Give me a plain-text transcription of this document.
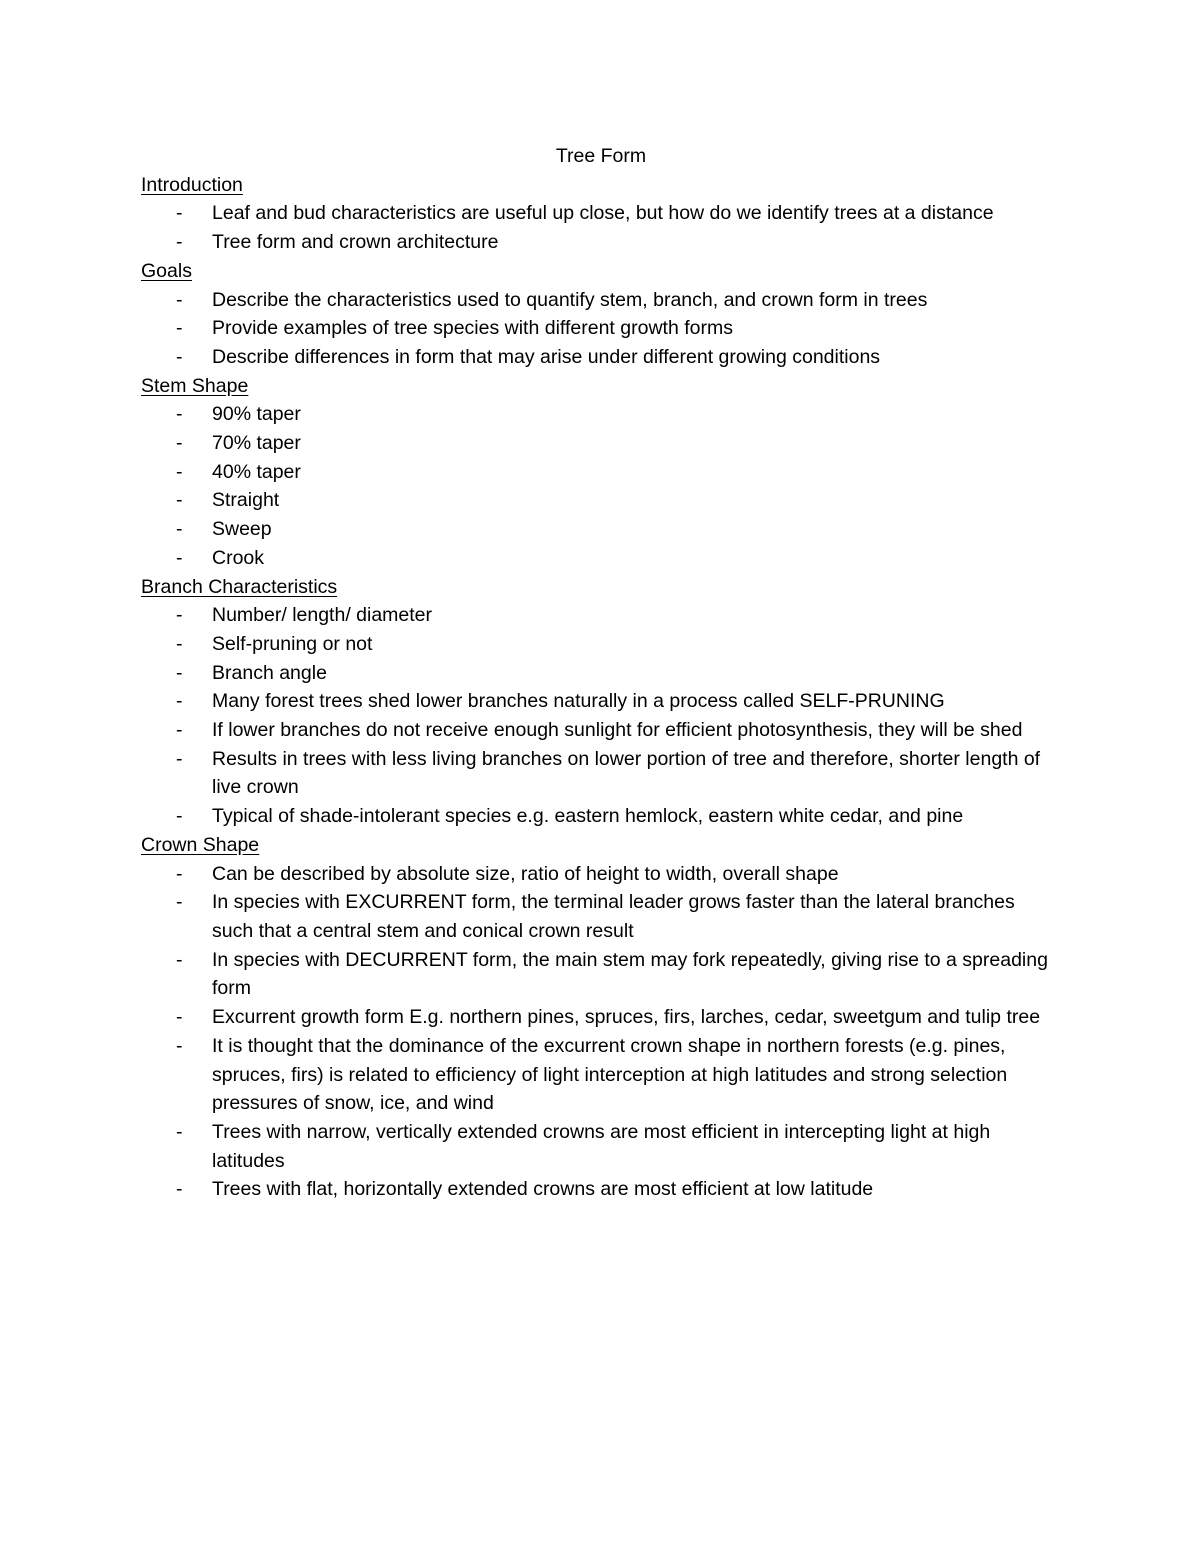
Tree Form
Introduction
- Leaf and bud characteristics are useful up close, but how do we identify trees at a distance
- Tree form and crown architecture
Goals
- Describe the characteristics used to quantify stem, branch, and crown form in trees
- Provide examples of tree species with different growth forms
- Describe differences in form that may arise under different growing conditions
Stem Shape
- 90% taper
- 70% taper
- 40% taper
- Straight
- Sweep
- Crook
Branch Characteristics
- Number/ length/ diameter
- Self-pruning or not
- Branch angle
- Many forest trees shed lower branches naturally in a process called SELF-PRUNING
- If lower branches do not receive enough sunlight for efficient photosynthesis, they will be shed
- Results in trees with less living branches on lower portion of tree and therefore, shorter length of live crown
- Typical of shade-intolerant species e.g. eastern hemlock, eastern white cedar, and pine
Crown Shape
- Can be described by absolute size, ratio of height to width, overall shape
- In species with EXCURRENT form, the terminal leader grows faster than the lateral branches such that a central stem and conical crown result
- In species with DECURRENT form, the main stem may fork repeatedly, giving rise to a spreading form
- Excurrent growth form E.g. northern pines, spruces, firs, larches, cedar, sweetgum and tulip tree
- It is thought that the dominance of the excurrent crown shape in northern forests (e.g. pines, spruces, firs) is related to efficiency of light interception at high latitudes and strong selection pressures of snow, ice, and wind
- Trees with narrow, vertically extended crowns are most efficient in intercepting light at high latitudes
- Trees with flat, horizontally extended crowns are most efficient at low latitude
